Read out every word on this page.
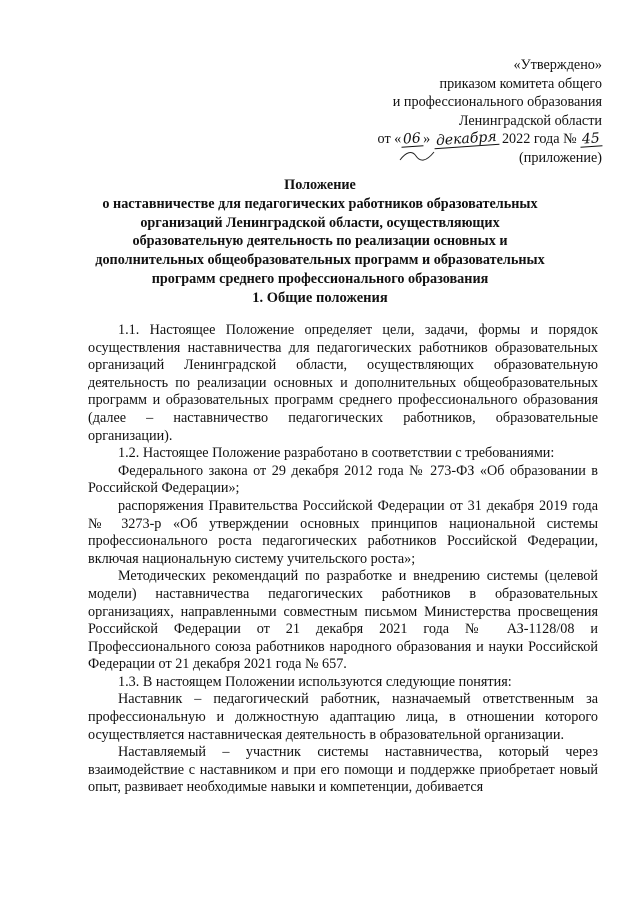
«Утверждено»
приказом комитета общего
и профессионального образования
Ленинградской области
от «06» декабря 2022 года № 45
(приложение)
Положение
о наставничестве для педагогических работников образовательных
организаций Ленинградской области, осуществляющих
образовательную деятельность по реализации основных и
дополнительных общеобразовательных программ и образовательных
программ среднего профессионального образования
1. Общие положения

1.1. Настоящее Положение определяет цели, задачи, формы и порядок осуществления наставничества для педагогических работников образовательных организаций Ленинградской области, осуществляющих образовательную деятельность по реализации основных и дополнительных общеобразовательных программ и образовательных программ среднего профессионального образования (далее – наставничество педагогических работников, образовательные организации).

1.2. Настоящее Положение разработано в соответствии с требованиями:

Федерального закона от 29 декабря 2012 года № 273-ФЗ «Об образовании в Российской Федерации»;

распоряжения Правительства Российской Федерации от 31 декабря 2019 года № 3273-р «Об утверждении основных принципов национальной системы профессионального роста педагогических работников Российской Федерации, включая национальную систему учительского роста»;

Методических рекомендаций по разработке и внедрению системы (целевой модели) наставничества педагогических работников в образовательных организациях, направленными совместным письмом Министерства просвещения Российской Федерации от 21 декабря 2021 года № АЗ-1128/08 и Профессионального союза работников народного образования и науки Российской Федерации от 21 декабря 2021 года № 657.

1.3. В настоящем Положении используются следующие понятия:

Наставник – педагогический работник, назначаемый ответственным за профессиональную и должностную адаптацию лица, в отношении которого осуществляется наставническая деятельность в образовательной организации.

Наставляемый – участник системы наставничества, который через взаимодействие с наставником и при его помощи и поддержке приобретает новый опыт, развивает необходимые навыки и компетенции, добивается
